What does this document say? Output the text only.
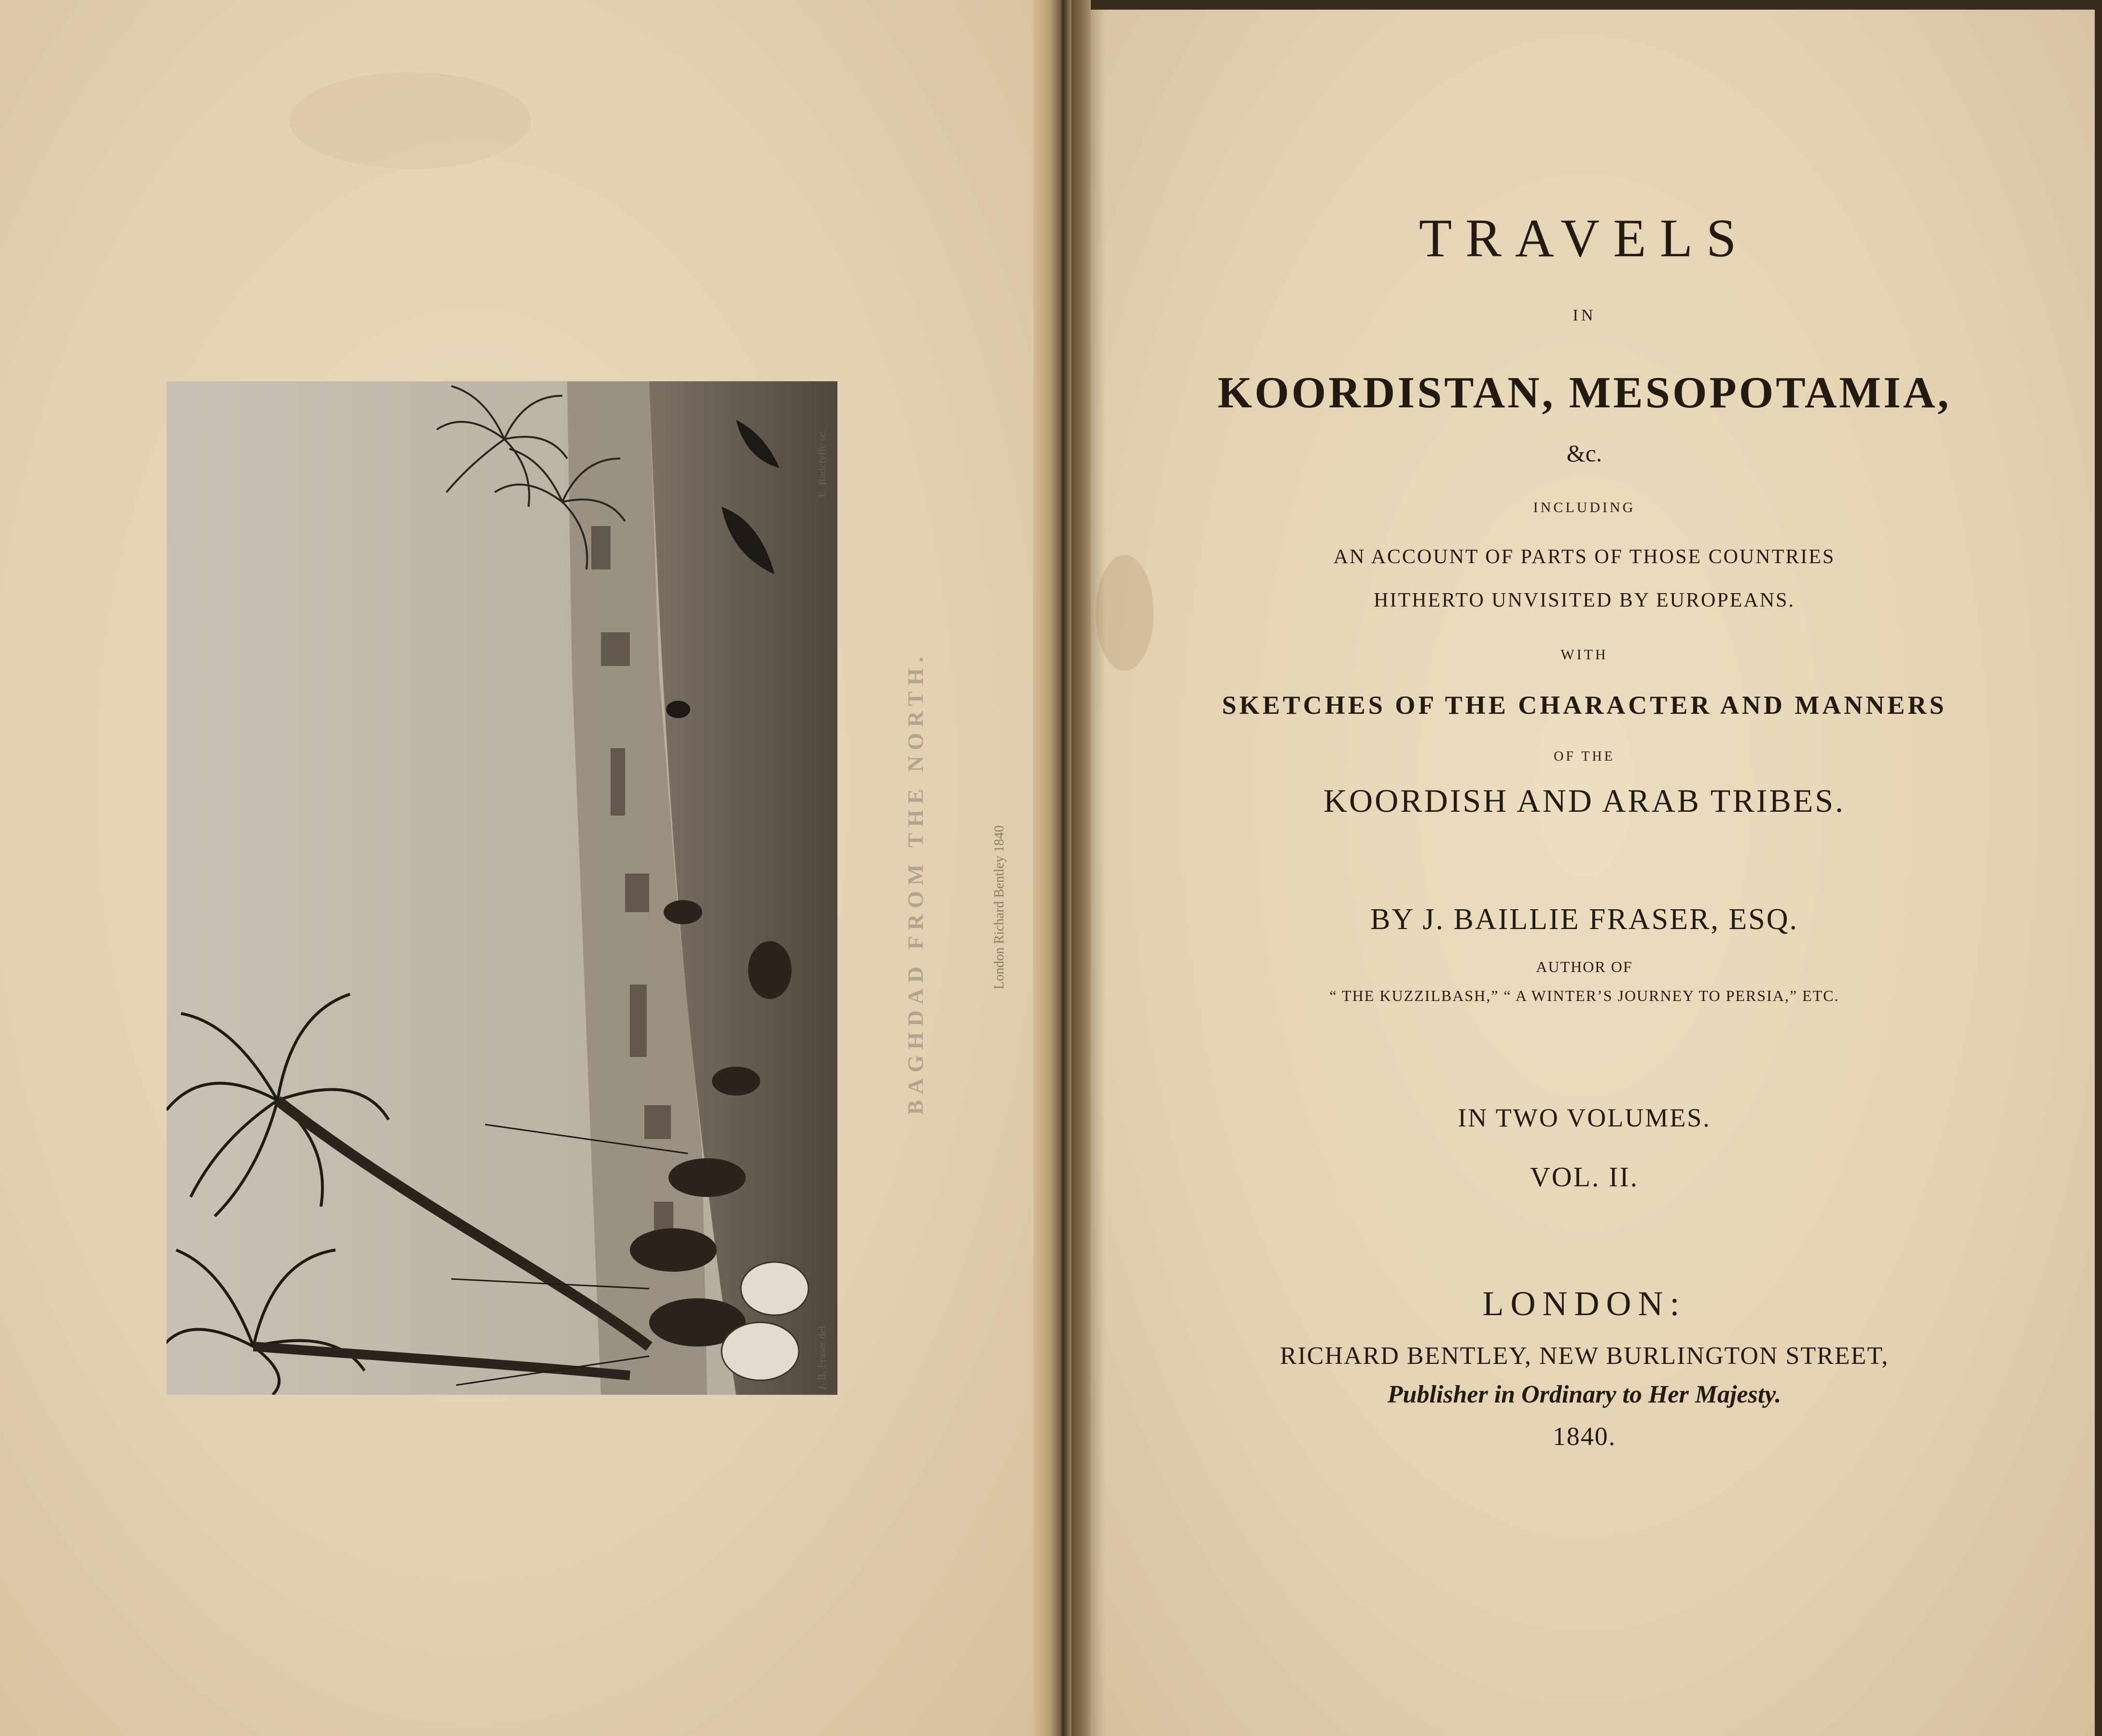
E. Radclyffe sc.
J. B. Fraser del.
BAGHDAD FROM THE NORTH.	London Richard Bentley 1840
TRAVELS
IN
KOORDISTAN, MESOPOTAMIA,
&c.
INCLUDING
AN ACCOUNT OF PARTS OF THOSE COUNTRIES
HITHERTO UNVISITED BY EUROPEANS.
WITH
SKETCHES OF THE CHARACTER AND MANNERS
OF THE
KOORDISH AND ARAB TRIBES.
BY J. BAILLIE FRASER, ESQ.
AUTHOR OF
“ THE KUZZILBASH,” “ A WINTER’S JOURNEY TO PERSIA,” ETC.
IN TWO VOLUMES.
VOL. II.
LONDON:
RICHARD BENTLEY, NEW BURLINGTON STREET,
Publisher in Ordinary to Her Majesty.
1840.
